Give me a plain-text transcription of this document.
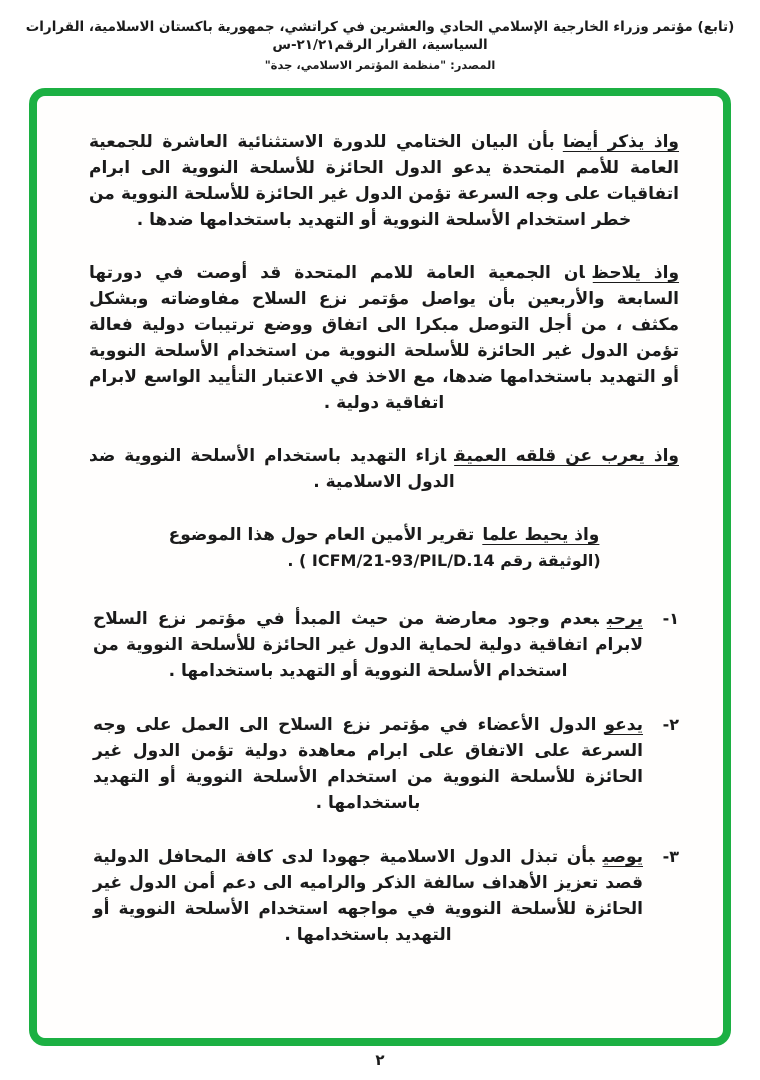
(تابع) مؤتمر وزراء الخارجية الإسلامي الحادي والعشرين في كراتشي، جمهورية باكستان الاسلامية، القرارات السياسية، القرار الرقم٢١/٢١-س
المصدر: "منظمة المؤتمر الاسلامي، جدة"

واذ يذكر أيضابأن البيان الختامي للدورة الاستثنائية العاشرة للجمعية العامة للأمم المتحدة يدعو الدول الحائزة للأسلحة النووية الى ابرام اتفاقيات على وجه السرعة تؤمن الدول غير الحائزة للأسلحة النووية من خطر استخدام الأسلحة النووية أو التهديد باستخدامها ضدها .

واذ يلاحظان الجمعية العامة للامم المتحدة قد أوصت في دورتها السابعة والأربعين بأن يواصل مؤتمر نزع السلاح مفاوضاته وبشكل مكثف ، من أجل التوصل مبكرا الى اتفاق ووضع ترتيبات دولية فعالة تؤمن الدول غير الحائزة للأسلحة النووية من استخدام الأسلحة النووية أو التهديد باستخدامها ضدها، مع الاخذ في الاعتبار التأييد الواسع لابرام اتفاقية دولية .

واذ يعرب عن قلقه العميقازاء التهديد باستخدام الأسلحة النووية ضد الدول الاسلامية .

واذ يحيط علماتقرير الأمين العام حول هذا الموضوع

(الوثيقة رقم ICFM/21-93/PIL/D.14 ) .
١-
يرحببعدم وجود معارضة من حيث المبدأ في مؤتمر نزع السلاح لابرام اتفاقية دولية لحماية الدول غير الحائزة للأسلحة النووية من استخدام الأسلحة النووية أو التهديد باستخدامها .
٢-
يدعوالدول الأعضاء في مؤتمر نزع السلاح الى العمل على وجه السرعة على الاتفاق على ابرام معاهدة دولية تؤمن الدول غير الحائزة للأسلحة النووية من استخدام الأسلحة النووية أو التهديد باستخدامها .
٣-
يوصيبأن تبذل الدول الاسلامية جهودا لدى كافة المحافل الدولية قصد تعزيز الأهداف سالفة الذكر والراميه الى دعم أمن الدول غير الحائزة للأسلحة النووية في مواجهه استخدام الأسلحة النووية أو التهديد باستخدامها .
٢
